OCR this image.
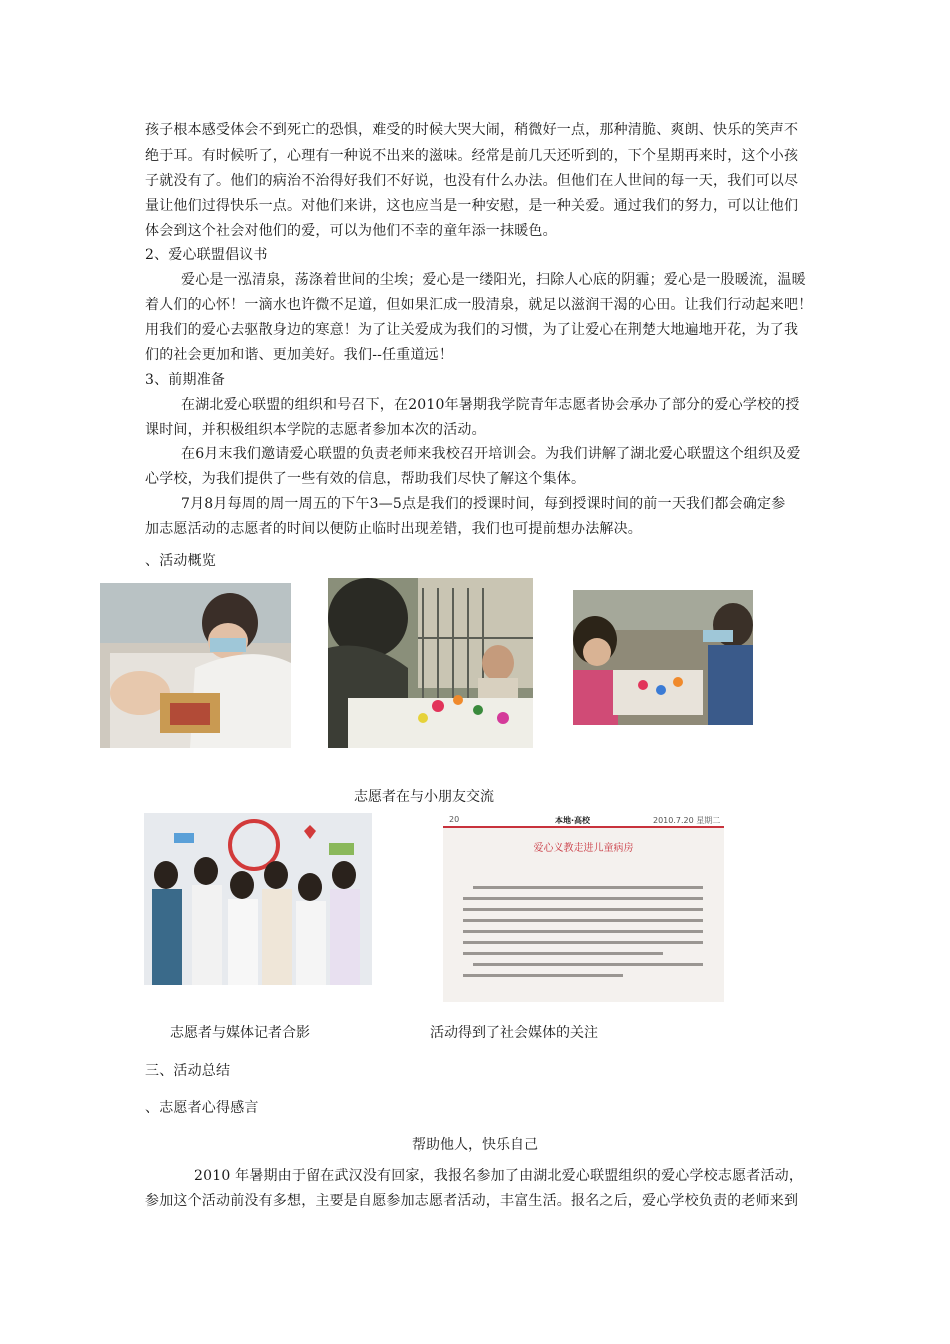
孩子根本感受体会不到死亡的恐惧，难受的时候大哭大闹，稍微好一点，那种清脆、爽朗、快乐的笑声不
绝于耳。有时候听了，心理有一种说不出来的滋味。经常是前几天还听到的，下个星期再来时，这个小孩
子就没有了。他们的病治不治得好我们不好说，也没有什么办法。但他们在人世间的每一天，我们可以尽
量让他们过得快乐一点。对他们来讲，这也应当是一种安慰，是一种关爱。通过我们的努力，可以让他们
体会到这个社会对他们的爱，可以为他们不幸的童年添一抹暖色。
2、爱心联盟倡议书
爱心是一泓清泉，荡涤着世间的尘埃；爱心是一缕阳光，扫除人心底的阴霾；爱心是一股暖流，温暖
着人们的心怀！一滴水也许微不足道，但如果汇成一股清泉，就足以滋润干渴的心田。让我们行动起来吧！
用我们的爱心去驱散身边的寒意！为了让关爱成为我们的习惯，为了让爱心在荆楚大地遍地开花，为了我
们的社会更加和谐、更加美好。我们--任重道远！
3、前期准备
在湖北爱心联盟的组织和号召下，在2010年暑期我学院青年志愿者协会承办了部分的爱心学校的授
课时间，并积极组织本学院的志愿者参加本次的活动。
在6月末我们邀请爱心联盟的负责老师来我校召开培训会。为我们讲解了湖北爱心联盟这个组织及爱
心学校，为我们提供了一些有效的信息，帮助我们尽快了解这个集体。
7月8月每周的周一周五的下午3—5点是我们的授课时间，每到授课时间的前一天我们都会确定参
加志愿活动的志愿者的时间以便防止临时出现差错，我们也可提前想办法解决。
、活动概览
志愿者在与小朋友交流
20	本地·高校	2010.7.20 星期二
爱心义教走进儿童病房
志愿者与媒体记者合影	活动得到了社会媒体的关注
三、活动总结
、志愿者心得感言
帮助他人，快乐自己
2010 年暑期由于留在武汉没有回家，我报名参加了由湖北爱心联盟组织的爱心学校志愿者活动，
参加这个活动前没有多想，主要是自愿参加志愿者活动，丰富生活。报名之后，爱心学校负责的老师来到
